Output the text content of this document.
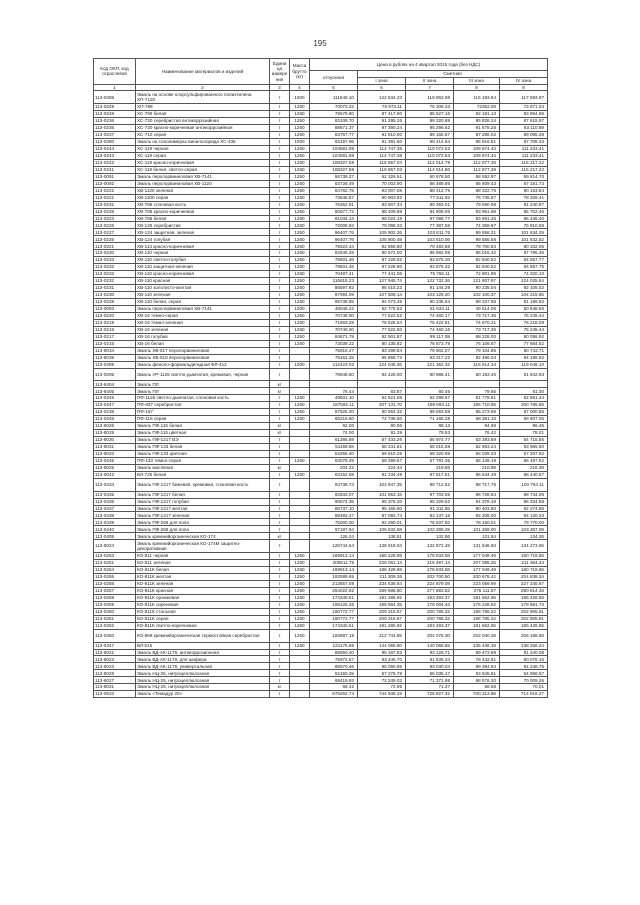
195
Код ОКП, код отраслевой	Наименование материалов и изделий	Едини ца измере ния	Масса брутто (кг)	Цена в рублях на 4 квартал 2015 года (без НДС)				
				отпускная	Сметная			
					I зона	II зона	III зона	IV зона
1	2	3	4	5	6	7	8	9
113-0288	Эмаль на основе хлорсульфированного полиэтилена ХП-7120	т	1000	111548.10	122 534.23	119 863.98	115 193.84	117 593.97
113-0249	ХП-799	т	1260	70073.32	76 973.11	75 308.33	72362.09	73 871.04
113-0248	ХС-759 белая	т	1260	79579.80	87 417.90	85 527.16	82 181.13	83 894.86
113-0236	ХС-720 серебристая антикоррозийная	т	1260	83109.70	91 295.26	89 320.68	85 826.24	87 615.97
113-0235	ХС-720 красно-коричневая антикоррозийная	т	1260	88671.37	97 390.24	95 296.62	91 578.28	93 110.89
113-0237	ХС-710 серая	т	1260	83767.77	91 910.00	89 165.57	87 286.02	89 095.39
113-0390	Эмаль на сополимерах винилхлорида ХС-436	т	1000	83197.96	91 391.60	89 414.84	85 916.81	87 708.43
113-0244	ХС-119 черная	т	1260	104581.99	114 747.38	110 072.53	108 874.43	111 233.41
113-0243	ХС-119 серая	т	1260	104581.99	114 747.38	110 072.53	108 874.44	111 233.41
113-0242	ХС-119 красно-коричневая	т	1260	108327.59	118 857.04	114 014.79	112 877.36	115 217.22
113-0241	ХС-119 белая, светло-серая	т	1260	108327.59	118 857.03	114 014.80	112 877.36	115 217.22
113-0091	Эмаль перхлорвиниловая ХВ-7141	т	1260	56739.37	62 326.51	60 978.50	58 592.87	59 814.70
113-0092	Эмаль перхлорвиниловая ХВ-1120	т	1260	63728.49	70 003.90	68 489.86	65 809.43	67 181.73
113-0222	ХВ-1120 зеленая	т	1260	84762.75	93 007.06	89 212.75	88 322.75	90 153.84
113-0221	ХВ-1100 серая	т	1260	73645.57	80 903.92	77 511.93	76 735.67	78 329.41
113-0231	ХВ-785 слоновая кость	т	1260	76362.91	83 807.34	80 393.01	79 590.98	81 240.87
113-0228	ХВ-785 красно-коричневая	т	1260	80577.72	88 409.89	84 808.06	83 961.98	85 702.46
113-0223	ХВ-785 белая	т	1260	81044.13	89 024.19	87 098.77	83 691.25	85 436.40
113-0226	ХВ-125 серебристая	т	1260	72008.93	79 098.33	77 387.58	74 359.97	75 910.58
113-0227	ХВ-124 защитная, зеленая	т	1260	96407.76	105 902.26	103 611.76	99 558.31	101 634.29
113-0225	ХВ-124 голубая	т	1260	96407.76	105 900.49	103 610.06	99 556.58	101 632.52
113-0221	ХВ-113 красно-коричневая	т	1260	75523.44	82 858.80	79 483.68	78 700.83	80 332.05
113-0230	ХВ-110 черная	т	1260	82545.29	90 572.00	86 882.09	86 015.32	87 795.36
113-0233	ХВ-110 светло-голубая	т	1260	79501.46	87 228.82	83 675.30	82 840.52	84 557.77
113-0232	ХВ-110 защитная-зеленая	т	1260	79501.46	87 228.80	83 675.32	82 840.52	84 557.75
113-0233	ХВ-110 красно-коричневая	т	1260	70497.41	77 441.06	75 766.11	72 801.96	74 320.10
113-0232	ХВ-110 красная	т	1260	116615.23	127 946.74	122 732.26	121 507.97	124 025.64
113-0231	ХВ-110 золотисто-желтая	т	1260	86597.92	95 015.23	91 144.29	90 235.04	92 105.02
113-0230	ХВ-110 зеленая	т	1260	97994.09	107 509.14	103 129.20	102 100.37	104 215.85
113-0229	ХВ-110 белая, серая	т	1260	85738.85	94 073.46	90 238.64	89 337.95	91 189.92
113-0093	Эмаль перхлорвиниловая ХВ-7141	т	1000	48045.22	52 775.53	51 634.11	49 614.06	50 648.56
113-0220	ХВ-16 темно-серая	т	1260	70748.00	77 622.52	74 460.17	73 717.36	75 245.44
113-0219	ХВ-16 темно-зеленая	т	1260	71663.29	78 625.54	75 422.61	74 670.21	76 218.09
113-0218	ХВ-16 зеленая	т	1260	70748.00	77 622.50	74 460.16	73 717.36	75 245.44
113-0217	ХВ-16 голубая	т	1260	84671.79	92 901.87	89 117.08	88 228.00	90 056.92
113-0216	ХВ-16 белая	т	1260	73039.22	80 135.82	76 873.78	76 106.67	77 684.52
113-8034	Эмаль ХВ-517 перхлорвиниловая	т		75916.47	83 299.84	79 902.07	79 104.86	80 743.71
113-8035	Эмаль ХВ-518 перхлорвиниловая	т		79161.25	86 855.73	83 317.22	82 486.04	84 195.92
113-0289	Эмаль феноло-формальдегидная ФЛ-412	т	1000	112423.03	124 045.26	121 362.32	116 614.34	119 046.10
113-0295	Эмаль УР-1126 светло-дымчатая, кремовая, черная	т		78948.60	84 428.00	80 988.41	80 183.46	81 842.93
113-8404	Эмаль ПЛ	кг						
113-8405	Эмаль ПЛ	кг		76.44	83.87	80.45	79.65	81.30
113-0245	ПФ-1126 светло-дымчатая, слоновая кость	т	1260	49601.10	54 521.08	52 299.67	51 778.81	52 851.44
113-0247	ПФ-837 серебристая	т	1260	187592.11	207 131.70	198 693.11	196 710.65	200 785.85
113-0238	ПФ-167	т	1260	87525.30	90 654.32	89 593.59	85 273.69	87 000.85
113-0246	ПФ-115 серая	т	1260	66216.50	72 738.50	71 165.28	68 381.10	69 807.05
113-8026	Эмаль ПФ-115 белая	кг		82.00	90.06	88.13	84.68	86.45
113-8025	Эмаль ПФ-115 цветная	кг		74.00	81.29	79.53	76.42	78.01
113-8030	Эмаль ПФ-1217 ВЭ	т		61386.89	67 433.26	65 974.77	63 393.69	64 715.85
113-8031	Эмаль ПФ-133 белая	т		51169.86	56 231.81	55 015.58	52 863.24	53 965.60
113-8033	Эмаль ПФ-133 цветная	т		54255.40	59 610.26	58 320.99	56 039.33	57 207.92
113-0245	ПФ-133 темно-серая	т	1260	63078.49	69 289.57	67 791.35	65 139.19	66 497.52
113-8025	Эмаль масляная	кг		204.22	224.44	219.59	210.99	215.39
113-0042	ВЛ-725 белая	т	1260	83152.69	91 234.49	87 517.51	86 644.49	88 440.57
113-0434	Эмаль ПФ-1217 бежевая, кремовая, слоновая кость	т		94738.73	103 947.35	99 712.52	98 717.75	100 764.11
113-0435	Эмаль ПФ-1217 белая	т		92833.07	101 853.16	97 703.65	96 728.94	98 734.06
113-0436	Эмаль ПФ-1217 голубая	т		90574.36	99 378.20	95 329.52	94 378.49	96 334.88
113-0437	Эмаль ПФ-1217 желтая	т		86737.10	95 165.90	91 311.86	90 403.80	92 274.85
113-0438	Эмаль ПФ-1217 зеленая	т		88492.27	97 092.74	93 137.18	92 208.00	94 120.33
113-0439	Эмаль ПФ-266 для пола	т		75000.00	82 290.01	78 937.50	78 150.01	79 770.00
113-0440	Эмаль ПФ-266 для пола	т		97187.94	106 632.58	102 289.25	101 269.00	103 367.08
113-0405	Эмаль кремнийорганическая КО-174	кг		126.24	138.51	132.86	131.54	134.26
113-8024	Эмаль кремнийорганическая КО-174М защитно-декоративная	т		126744.64	138 518.04	132 872.49	131 546.93	134 273.66
113-0253	КО-811 черная	т	1260	169913.14	186 428.69	178 833.58	177 049.49	180 719.65
113-0251	КО-811 зеленая	т	1260	205511.75	225 061.13	215 497.13	207 085.25	211 364.34
113-0254	КО-811К белая	т	1260	169913.14	186 428.69	178 833.58	177 049.49	180 719.65
113-0255	КО-811К желтая	т	1260	192589.65	211 309.36	202 700.50	200 678.42	204 838.34
113-0256	КО-811К зеленая	т	1260	213857.08	234 638.64	224 879.08	223 059.69	227 245.67
113-0257	КО-811К красная	т	1260	264022.62	289 685.80	277 883.82	275 111.57	280 814.48
113-0258	КО-811К оранжевая	т	1260	174340.51	191 286.92	183 493.37	181 662.65	185 428.55
113-0259	КО-811К сиреневая	т	1260	169125.36	185 564.35	178 004.43	176 228.62	179 881.73
113-0260	КО-811К стальная	т	1260	190772.77	209 315.67	200 786.32	198 785.22	202 905.91
113-0261	КО-811К серая	т	1260	190772.77	209 315.67	200 786.32	198 785.22	202 905.91
113-0262	КО-811К светло-коричневая	т	1260	174340.51	191 286.92	183 493.37	181 662.65	185 428.55
113-0250	КО-868 кремнийорганическая термостойкая серебристая	т	1260	193897.19	212 744.85	204 076.30	202 040.48	206 188.68
113-0347	ВЛ-515	т	1260	131175.66	144 065.60	140 065.55	135 436.19	138 256.24
113-8021	Эмаль ВД-АК-1179, антикоррозионная	т		86650.40	95 187.83	93 125.71	89 473.99	91 340.08
113-8022	Эмаль ВД-АК-1179, для шифера	т		75972.57	83 446.70	81 636.34	78 442.61	80 078.16
113-8023	Эмаль ВД-АК-1179, универсальная	т		86570.46	95 090.86	93 030.04	89 384.94	91 248.75
113-8028	Эмаль НЦ-25, нитроцеллюлозная	т		52150.35	57 276.78	56 035.17	53 845.81	54 968.57
113-8027	Эмаль НЦ-25, нитроцеллюлозная	т		68419.93	72 249.02	71 371.88	68 576.30	70 009.26
113-8031	Эмаль НЦ-25, нитроцеллюлозная	кг		68.42	72.95	71.37	68.58	70.01
113-0533	Эмаль «Темадур 20»	т		678262.74	744 936.19	728 827.32	700 313.86	714 916.27
